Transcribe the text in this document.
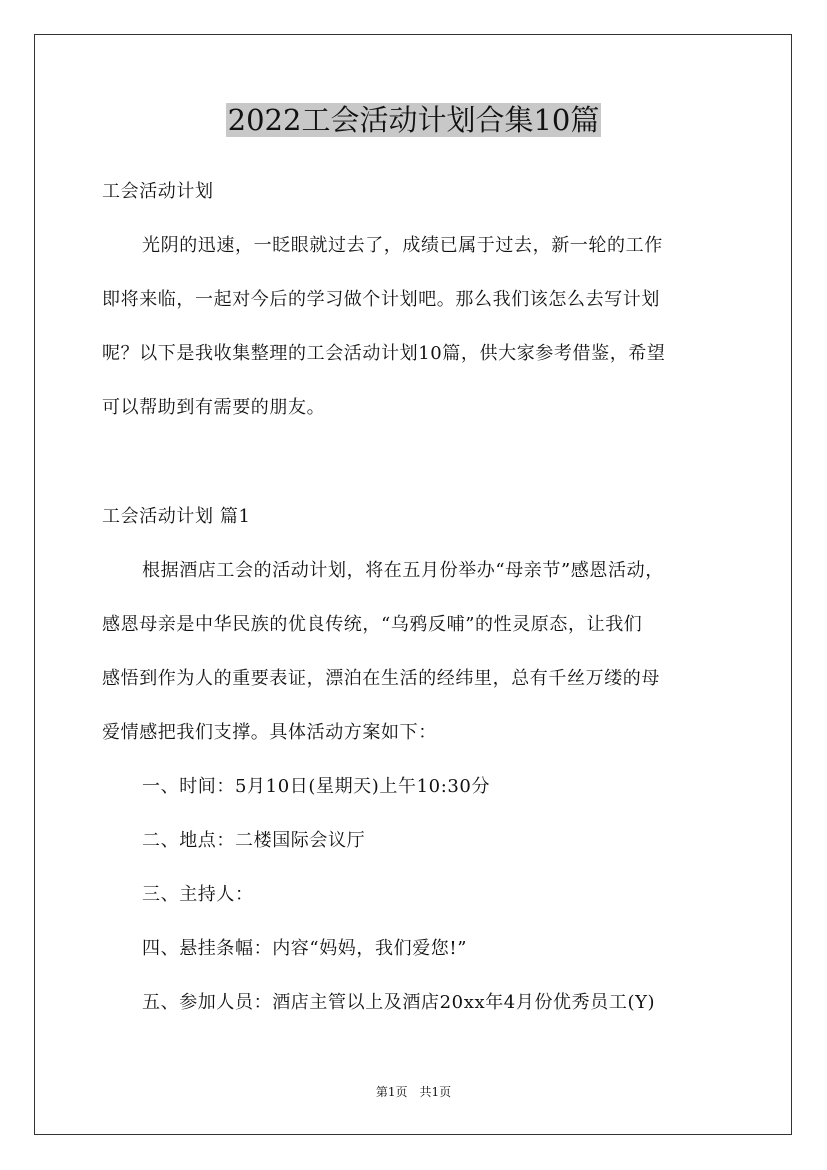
2022工会活动计划合集10篇

工会活动计划

光阴的迅速，一眨眼就过去了，成绩已属于过去，新一轮的工作

即将来临，一起对今后的学习做个计划吧。那么我们该怎么去写计划

呢？以下是我收集整理的工会活动计划10篇，供大家参考借鉴，希望

可以帮助到有需要的朋友。

工会活动计划 篇1

根据酒店工会的活动计划，将在五月份举办“母亲节”感恩活动，

感恩母亲是中华民族的优良传统，“乌鸦反哺”的性灵原态，让我们

感悟到作为人的重要表证，漂泊在生活的经纬里，总有千丝万缕的母

爱情感把我们支撑。具体活动方案如下：

一、时间：5月10日(星期天)上午10:30分

二、地点：二楼国际会议厅

三、主持人：

四、悬挂条幅：内容“妈妈，我们爱您!”

五、参加人员：酒店主管以上及酒店20xx年4月份优秀员工(Y)

第1页　共1页
